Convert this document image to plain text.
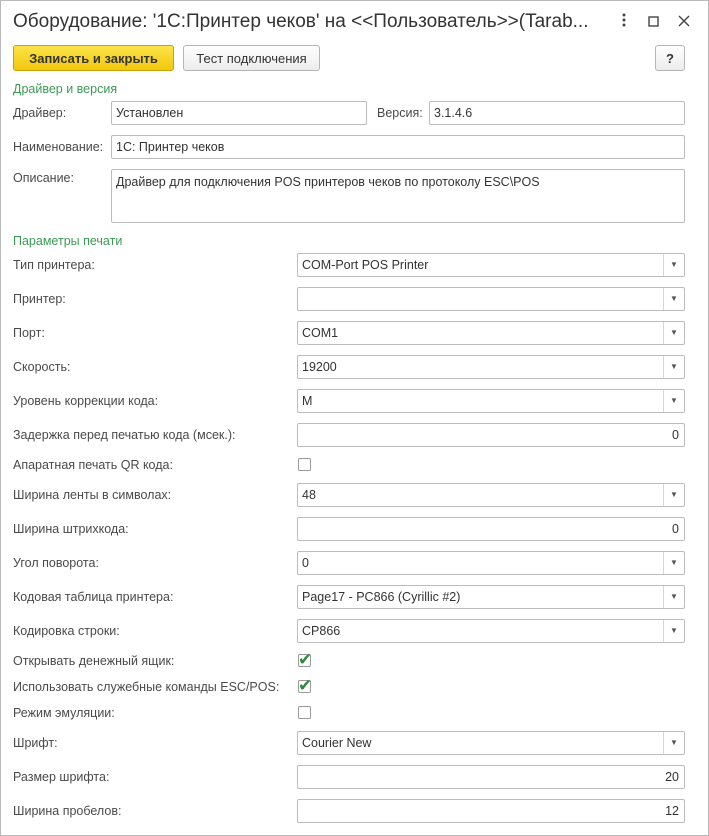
Оборудование: '1С:Принтер чеков' на <<Пользователь>>(Tarab...
Записать и закрыть	Тест подключения	?
Драйвер и версия
Драйвер:	Установлен	Версия: 3.1.4.6
Наименование:	1С: Принтер чеков
Описание:	Драйвер для подключения POS принтеров чеков по протоколу ESC\POS
Параметры печати
Тип принтера:	COM-Port POS Printer	▼
Принтер:	▼
Порт:	COM1	▼
Скорость:	19200	▼
Уровень коррекции кода:	M	▼
Задержка перед печатью кода (мсек.):	0
Апаратная печать QR кода:
Ширина ленты в символах:	48	▼
Ширина штрихкода:	0
Угол поворота:	0	▼
Кодовая таблица принтера:	Page17 - PC866 (Cyrillic #2)	▼
Кодировка строки:	CP866	▼
Открывать денежный ящик:	✔
Использовать служебные команды ESC/POS: ✔
Режим эмуляции:
Шрифт:	Courier New	▼
Размер шрифта:	20
Ширина пробелов:	12
